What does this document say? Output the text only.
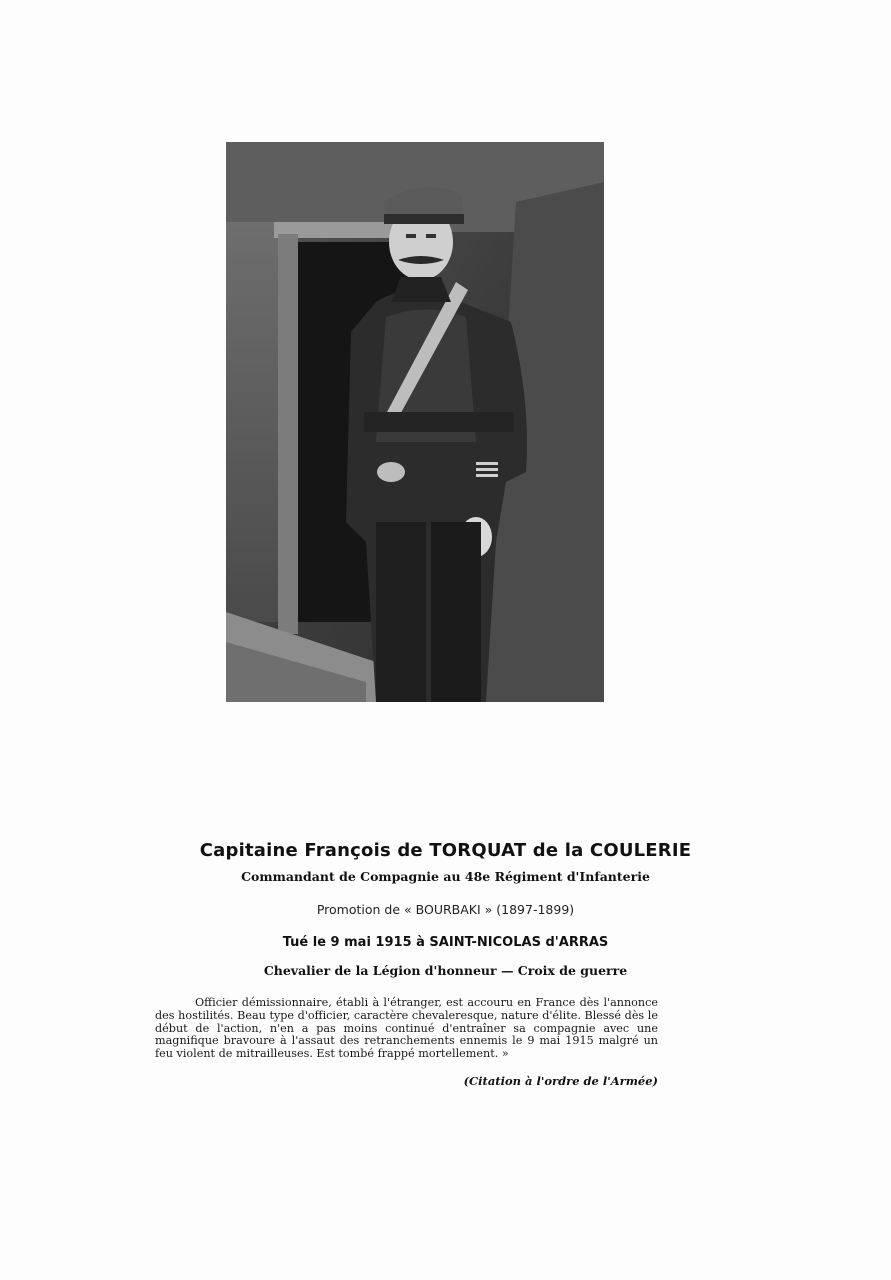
Capitaine François de TORQUAT de la COULERIE
Commandant de Compagnie au 48e Régiment d'Infanterie
Promotion de « BOURBAKI » (1897-1899)
Tué le 9 mai 1915 à SAINT-NICOLAS d'ARRAS
Chevalier de la Légion d'honneur — Croix de guerre
Officier démissionnaire, établi à l'étranger, est accouru en France dès l'annonce des hostilités. Beau type d'officier, caractère chevaleresque, nature d'élite. Blessé dès le début de l'action, n'en a pas moins continué d'entraîner sa compagnie avec une magnifique bravoure à l'assaut des retranchements ennemis le 9 mai 1915 malgré un feu violent de mitrailleuses. Est tombé frappé mortellement. »
(Citation à l'ordre de l'Armée)
